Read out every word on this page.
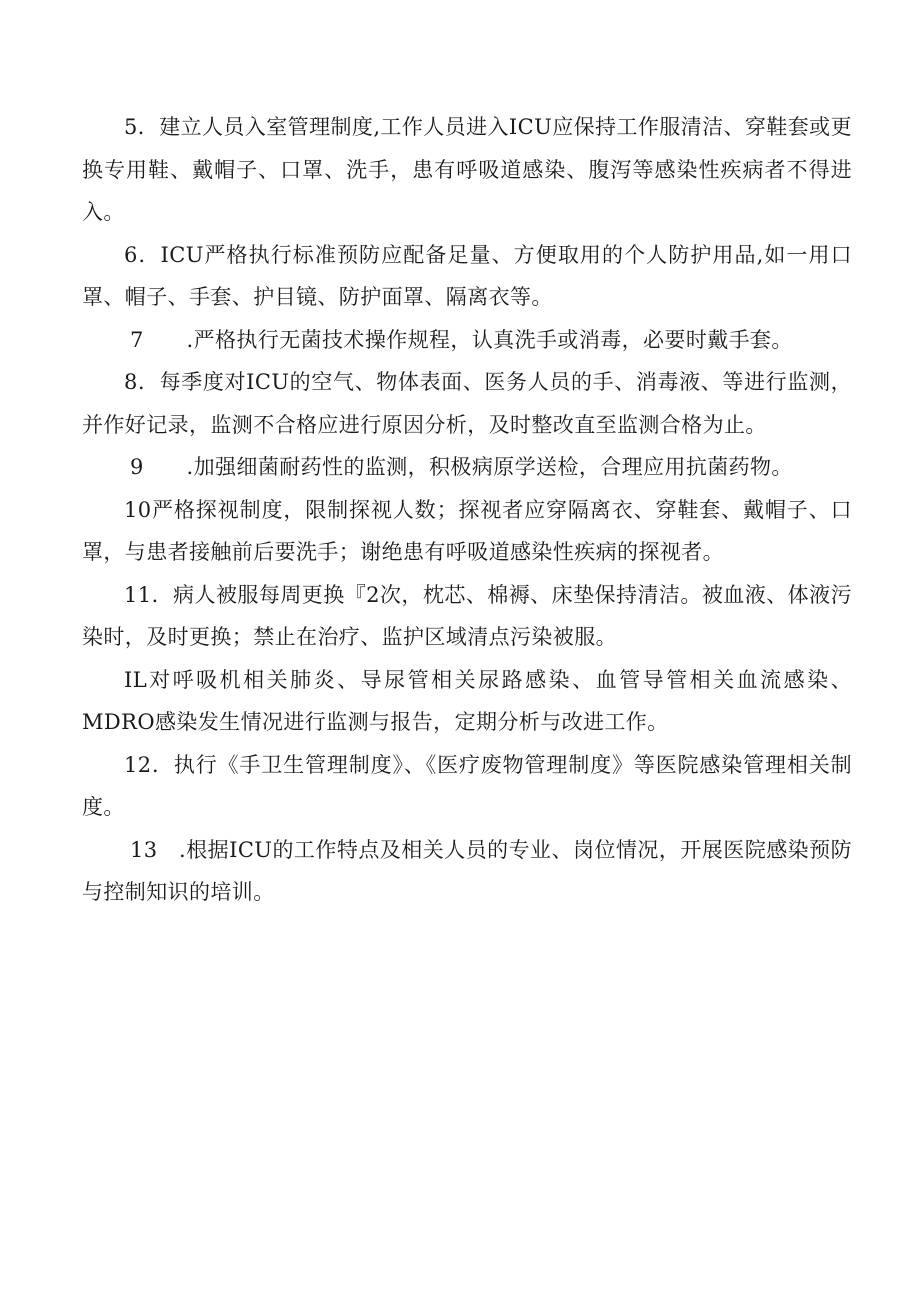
5．建立人员入室管理制度,工作人员进入ICU应保持工作服清洁、穿鞋套或更换专用鞋、戴帽子、口罩、洗手，患有呼吸道感染、腹泻等感染性疾病者不得进入。

6．ICU严格执行标准预防应配备足量、方便取用的个人防护用品,如一用口罩、帽子、手套、护目镜、防护面罩、隔离衣等。

7　　.严格执行无菌技术操作规程，认真洗手或消毒，必要时戴手套。

8．每季度对ICU的空气、物体表面、医务人员的手、消毒液、等进行监测，并作好记录，监测不合格应进行原因分析，及时整改直至监测合格为止。

9　　.加强细菌耐药性的监测，积极病原学送检，合理应用抗菌药物。

10严格探视制度，限制探视人数；探视者应穿隔离衣、穿鞋套、戴帽子、口罩，与患者接触前后要洗手；谢绝患有呼吸道感染性疾病的探视者。

11．病人被服每周更换『2次，枕芯、棉褥、床垫保持清洁。被血液、体液污染时，及时更换；禁止在治疗、监护区域清点污染被服。

IL对呼吸机相关肺炎、导尿管相关尿路感染、血管导管相关血流感染、MDRO感染发生情况进行监测与报告，定期分析与改进工作。

12．执行《手卫生管理制度》、《医疗废物管理制度》等医院感染管理相关制度。

13　.根据ICU的工作特点及相关人员的专业、岗位情况，开展医院感染预防与控制知识的培训。
